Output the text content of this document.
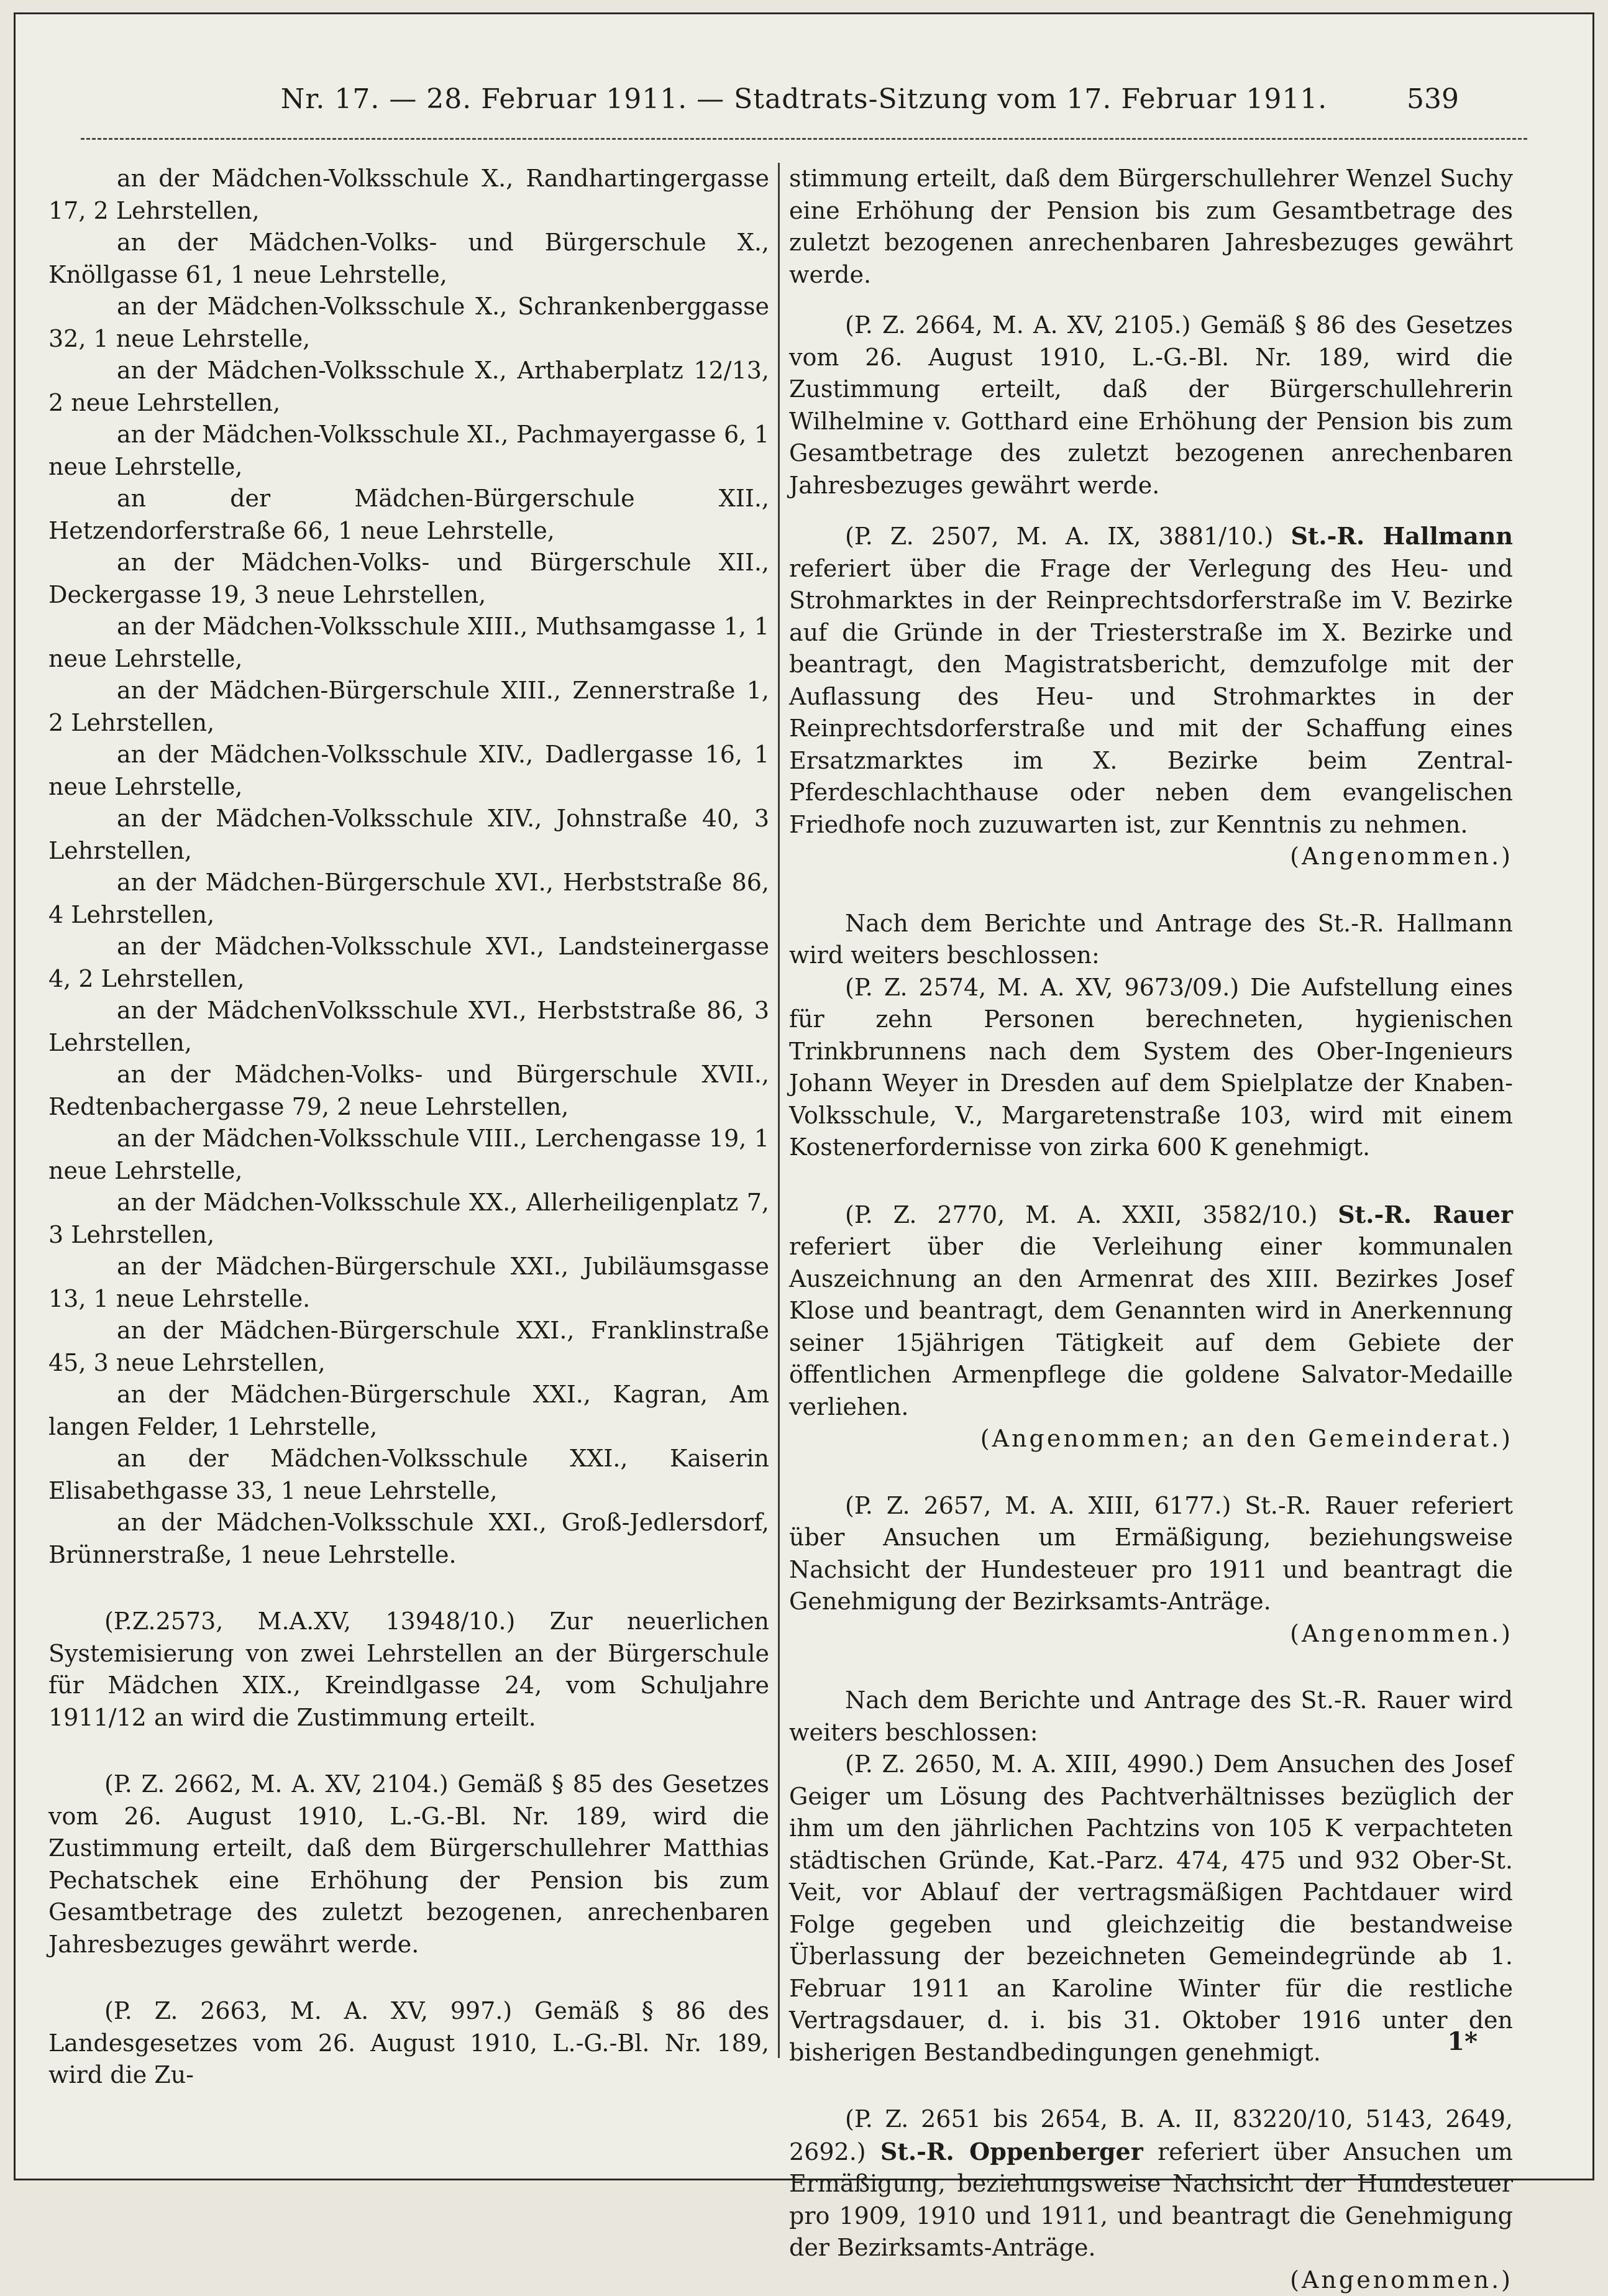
Nr. 17. — 28. Februar 1911. — Stadtrats-Sitzung vom 17. Februar 1911.	539

an der Mädchen-Volksschule X., Randhartingergasse 17, 2 Lehrstellen,

an der Mädchen-Volks- und Bürgerschule X., Knöllgasse 61, 1 neue Lehrstelle,

an der Mädchen-Volksschule X., Schrankenberggasse 32, 1 neue Lehrstelle,

an der Mädchen-Volksschule X., Arthaberplatz 12/13, 2 neue Lehrstellen,

an der Mädchen-Volksschule XI., Pachmayergasse 6, 1 neue Lehrstelle,

an der Mädchen-Bürgerschule XII., Hetzendorferstraße 66, 1 neue Lehrstelle,

an der Mädchen-Volks- und Bürgerschule XII., Deckergasse 19, 3 neue Lehrstellen,

an der Mädchen-Volksschule XIII., Muthsamgasse 1, 1 neue Lehrstelle,

an der Mädchen-Bürgerschule XIII., Zennerstraße 1, 2 Lehrstellen,

an der Mädchen-Volksschule XIV., Dadlergasse 16, 1 neue Lehrstelle,

an der Mädchen-Volksschule XIV., Johnstraße 40, 3 Lehrstellen,

an der Mädchen-Bürgerschule XVI., Herbststraße 86, 4 Lehrstellen,

an der Mädchen-Volksschule XVI., Landsteinergasse 4, 2 Lehrstellen,

an der MädchenVolksschule XVI., Herbststraße 86, 3 Lehrstellen,

an der Mädchen-Volks- und Bürgerschule XVII., Redtenbachergasse 79, 2 neue Lehrstellen,

an der Mädchen-Volksschule VIII., Lerchengasse 19, 1 neue Lehrstelle,

an der Mädchen-Volksschule XX., Allerheiligenplatz 7, 3 Lehrstellen,

an der Mädchen-Bürgerschule XXI., Jubiläumsgasse 13, 1 neue Lehrstelle.

an der Mädchen-Bürgerschule XXI., Franklinstraße 45, 3 neue Lehrstellen,

an der Mädchen-Bürgerschule XXI., Kagran, Am langen Felder, 1 Lehrstelle,

an der Mädchen-Volksschule XXI., Kaiserin Elisabethgasse 33, 1 neue Lehrstelle,

an der Mädchen-Volksschule XXI., Groß-Jedlersdorf, Brünnerstraße, 1 neue Lehrstelle.

(P.Z.2573, M.A.XV, 13948/10.) Zur neuerlichen Systemisierung von zwei Lehrstellen an der Bürgerschule für Mädchen XIX., Kreindlgasse 24, vom Schuljahre 1911/12 an wird die Zustimmung erteilt.

(P. Z. 2662, M. A. XV, 2104.) Gemäß § 85 des Gesetzes vom 26. August 1910, L.-G.-Bl. Nr. 189, wird die Zustimmung erteilt, daß dem Bürgerschullehrer Matthias Pechatschek eine Erhöhung der Pension bis zum Gesamtbetrage des zuletzt bezogenen, anrechenbaren Jahresbezuges gewährt werde.

(P. Z. 2663, M. A. XV, 997.) Gemäß § 86 des Landesgesetzes vom 26. August 1910, L.-G.-Bl. Nr. 189, wird die Zu-

stimmung erteilt, daß dem Bürgerschullehrer Wenzel Suchy eine Erhöhung der Pension bis zum Gesamtbetrage des zuletzt bezogenen anrechenbaren Jahresbezuges gewährt werde.

(P. Z. 2664, M. A. XV, 2105.) Gemäß § 86 des Gesetzes vom 26. August 1910, L.-G.-Bl. Nr. 189, wird die Zustimmung erteilt, daß der Bürgerschullehrerin Wilhelmine v. Gotthard eine Erhöhung der Pension bis zum Gesamtbetrage des zuletzt bezogenen anrechenbaren Jahresbezuges gewährt werde.

(P. Z. 2507, M. A. IX, 3881/10.) St.-R. Hallmann referiert über die Frage der Verlegung des Heu- und Strohmarktes in der Reinprechtsdorferstraße im V. Bezirke auf die Gründe in der Triesterstraße im X. Bezirke und beantragt, den Magistratsbericht, demzufolge mit der Auflassung des Heu- und Strohmarktes in der Reinprechtsdorferstraße und mit der Schaffung eines Ersatzmarktes im X. Bezirke beim Zentral-Pferdeschlachthause oder neben dem evangelischen Friedhofe noch zuzuwarten ist, zur Kenntnis zu nehmen.

(Angenommen.)

Nach dem Berichte und Antrage des St.-R. Hallmann wird weiters beschlossen:

(P. Z. 2574, M. A. XV, 9673/09.) Die Aufstellung eines für zehn Personen berechneten, hygienischen Trinkbrunnens nach dem System des Ober-Ingenieurs Johann Weyer in Dresden auf dem Spielplatze der Knaben-Volksschule, V., Margaretenstraße 103, wird mit einem Kostenerfordernisse von zirka 600 K genehmigt.

(P. Z. 2770, M. A. XXII, 3582/10.) St.-R. Rauer referiert über die Verleihung einer kommunalen Auszeichnung an den Armenrat des XIII. Bezirkes Josef Klose und beantragt, dem Genannten wird in Anerkennung seiner 15jährigen Tätigkeit auf dem Gebiete der öffentlichen Armenpflege die goldene Salvator-Medaille verliehen.

(Angenommen; an den Gemeinderat.)

(P. Z. 2657, M. A. XIII, 6177.) St.-R. Rauer referiert über Ansuchen um Ermäßigung, beziehungsweise Nachsicht der Hundesteuer pro 1911 und beantragt die Genehmigung der Bezirksamts-Anträge.

(Angenommen.)

Nach dem Berichte und Antrage des St.-R. Rauer wird weiters beschlossen:

(P. Z. 2650, M. A. XIII, 4990.) Dem Ansuchen des Josef Geiger um Lösung des Pachtverhältnisses bezüglich der ihm um den jährlichen Pachtzins von 105 K verpachteten städtischen Gründe, Kat.-Parz. 474, 475 und 932 Ober-St. Veit, vor Ablauf der vertragsmäßigen Pachtdauer wird Folge gegeben und gleichzeitig die bestandweise Überlassung der bezeichneten Gemeindegründe ab 1. Februar 1911 an Karoline Winter für die restliche Vertragsdauer, d. i. bis 31. Oktober 1916 unter den bisherigen Bestandbedingungen genehmigt.

(P. Z. 2651 bis 2654, B. A. II, 83220/10, 5143, 2649, 2692.) St.-R. Oppenberger referiert über Ansuchen um Ermäßigung, beziehungsweise Nachsicht der Hundesteuer pro 1909, 1910 und 1911, und beantragt die Genehmigung der Bezirksamts-Anträge.

(Angenommen.)

1*
